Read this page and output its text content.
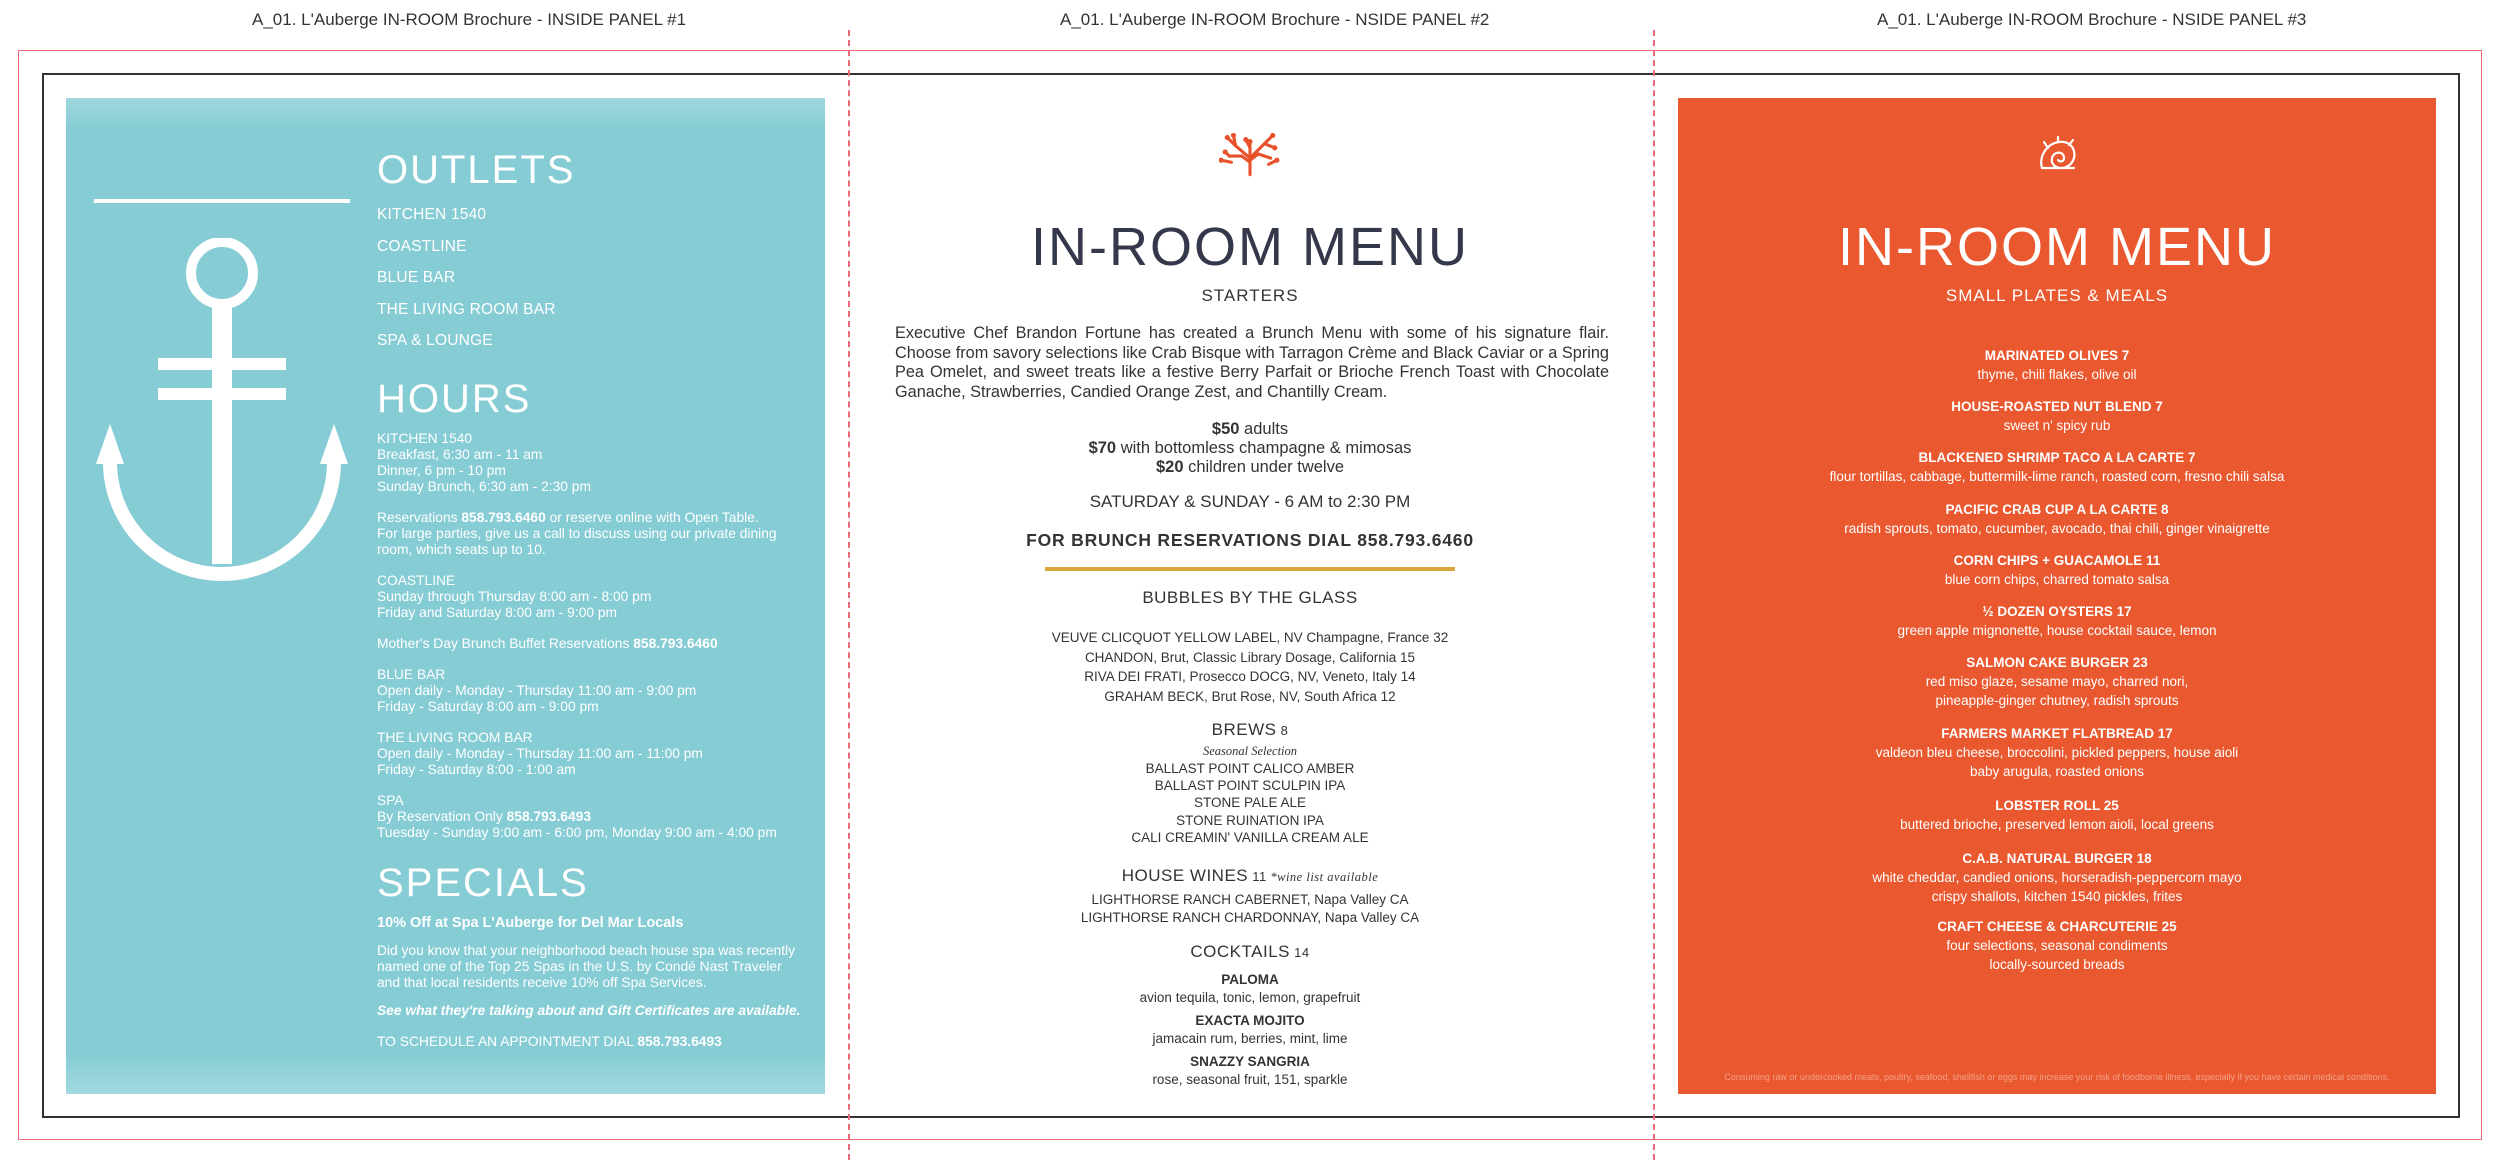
A_01. L'Auberge IN-ROOM Brochure - INSIDE PANEL #1	A_01. L'Auberge IN-ROOM Brochure - NSIDE PANEL #2	A_01. L'Auberge IN-ROOM Brochure - NSIDE PANEL #3
OUTLETS
KITCHEN 1540
COASTLINE
BLUE BAR
THE LIVING ROOM BAR
SPA & LOUNGE
HOURS
KITCHEN 1540
Breakfast, 6:30 am - 11 am
Dinner, 6 pm - 10 pm
Sunday Brunch, 6:30 am - 2:30 pm
Reservations 858.793.6460 or reserve online with Open Table.
For large parties, give us a call to discuss using our private dining
room, which seats up to 10.
COASTLINE
Sunday through Thursday 8:00 am - 8:00 pm
Friday and Saturday 8:00 am - 9:00 pm
Mother's Day Brunch Buffet Reservations 858.793.6460
BLUE BAR
Open daily - Monday - Thursday 11:00 am - 9:00 pm
Friday - Saturday 8:00 am - 9:00 pm
THE LIVING ROOM BAR
Open daily - Monday - Thursday 11:00 am - 11:00 pm
Friday - Saturday 8:00 - 1:00 am
SPA
By Reservation Only 858.793.6493
Tuesday - Sunday 9:00 am - 6:00 pm, Monday 9:00 am - 4:00 pm
SPECIALS
10% Off at Spa L'Auberge for Del Mar Locals
Did you know that your neighborhood beach house spa was recently
named one of the Top 25 Spas in the U.S. by Condé Nast Traveler
and that local residents receive 10% off Spa Services.
See what they're talking about and Gift Certificates are available.
TO SCHEDULE AN APPOINTMENT DIAL 858.793.6493
IN-ROOM MENU
STARTERS
Executive Chef Brandon Fortune has created a Brunch Menu with some of his signature flair. Choose from savory selections like Crab Bisque with Tarragon Crème and Black Caviar or a Spring Pea Omelet, and sweet treats like a festive Berry Parfait or Brioche French Toast with Chocolate Ganache, Strawberries, Candied Orange Zest, and Chantilly Cream.
$50 adults
$70 with bottomless champagne & mimosas
$20 children under twelve
SATURDAY & SUNDAY - 6 AM to 2:30 PM
FOR BRUNCH RESERVATIONS DIAL 858.793.6460
BUBBLES BY THE GLASS
VEUVE CLICQUOT YELLOW LABEL, NV Champagne, France 32
CHANDON, Brut, Classic Library Dosage, California 15
RIVA DEI FRATI, Prosecco DOCG, NV, Veneto, Italy 14
GRAHAM BECK, Brut Rose, NV, South Africa 12
BREWS 8
Seasonal Selection
BALLAST POINT CALICO AMBER
BALLAST POINT SCULPIN IPA
STONE PALE ALE
STONE RUINATION IPA
CALI CREAMIN' VANILLA CREAM ALE
HOUSE WINES 11 *wine list available
LIGHTHORSE RANCH CABERNET, Napa Valley CA
LIGHTHORSE RANCH CHARDONNAY, Napa Valley CA
COCKTAILS 14
PALOMA
avion tequila, tonic, lemon, grapefruit
EXACTA MOJITO
jamacain rum, berries, mint, lime
SNAZZY SANGRIA
rose, seasonal fruit, 151, sparkle
IN-ROOM MENU
SMALL PLATES & MEALS
MARINATED OLIVES 7
thyme, chili flakes, olive oil
HOUSE-ROASTED NUT BLEND 7
sweet n' spicy rub
BLACKENED SHRIMP TACO A LA CARTE 7
flour tortillas, cabbage, buttermilk-lime ranch, roasted corn, fresno chili salsa
PACIFIC CRAB CUP A LA CARTE 8
radish sprouts, tomato, cucumber, avocado, thai chili, ginger vinaigrette
CORN CHIPS + GUACAMOLE 11
blue corn chips, charred tomato salsa
½ DOZEN OYSTERS 17
green apple mignonette, house cocktail sauce, lemon
SALMON CAKE BURGER 23
red miso glaze, sesame mayo, charred nori,
pineapple-ginger chutney, radish sprouts
FARMERS MARKET FLATBREAD 17
valdeon bleu cheese, broccolini, pickled peppers, house aioli
baby arugula, roasted onions
LOBSTER ROLL 25
buttered brioche, preserved lemon aioli, local greens
C.A.B. NATURAL BURGER 18
white cheddar, candied onions, horseradish-peppercorn mayo
crispy shallots, kitchen 1540 pickles, frites
CRAFT CHEESE & CHARCUTERIE 25
four selections, seasonal condiments
locally-sourced breads
Consuming raw or undercooked meats, poultry, seafood, shellfish or eggs may increase your risk of foodborne illness, especially if you have certain medical conditions.
